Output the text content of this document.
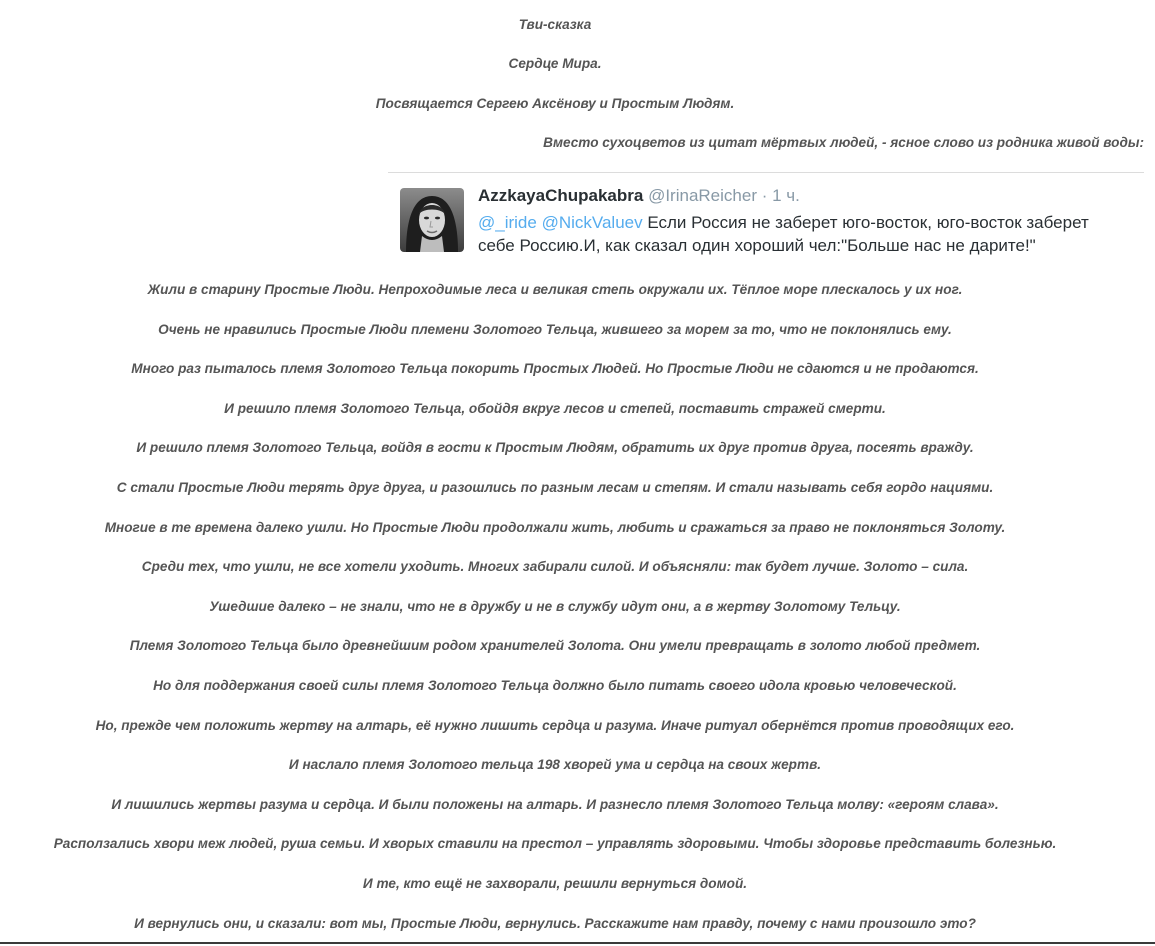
Тви-сказка
Сердце Мира.
Посвящается Сергею Аксёнову и Простым Людям.
Вместо сухоцветов из цитат мёртвых людей, - ясное слово из родника живой воды:
AzzkayaChupakabra @IrinaReicher · 1 ч.
@_iride @NickValuev Если Россия не заберет юго-восток, юго-восток заберет
себе Россию.И, как сказал один хороший чел:"Больше нас не дарите!"
Жили в старину Простые Люди. Непроходимые леса и великая степь окружали их. Тёплое море плескалось у их ног.
Очень не нравились Простые Люди племени Золотого Тельца, жившего за морем за то, что не поклонялись ему.
Много раз пыталось племя Золотого Тельца покорить Простых Людей. Но Простые Люди не сдаются и не продаются.
И решило племя Золотого Тельца, обойдя вкруг лесов и степей, поставить стражей смерти.
И решило племя Золотого Тельца, войдя в гости к Простым Людям, обратить их друг против друга, посеять вражду.
С стали Простые Люди терять друг друга, и разошлись по разным лесам и степям. И стали называть себя гордо нациями.
Многие в те времена далеко ушли. Но Простые Люди продолжали жить, любить и сражаться за право не поклоняться Золоту.
Среди тех, что ушли, не все хотели уходить. Многих забирали силой. И объясняли: так будет лучше. Золото – сила.
Ушедшие далеко – не знали, что не в дружбу и не в службу идут они, а в жертву Золотому Тельцу.
Племя Золотого Тельца было древнейшим родом хранителей Золота. Они умели превращать в золото любой предмет.
Но для поддержания своей силы племя Золотого Тельца должно было питать своего идола кровью человеческой.
Но, прежде чем положить жертву на алтарь, её нужно лишить сердца и разума. Иначе ритуал обернётся против проводящих его.
И наслало племя Золотого тельца 198 хворей ума и сердца на своих жертв.
И лишились жертвы разума и сердца. И были положены на алтарь. И разнесло племя Золотого Тельца молву: «героям слава».
Расползались хвори меж людей, руша семьи. И хворых ставили на престол – управлять здоровыми. Чтобы здоровье представить болезнью.
И те, кто ещё не захворали, решили вернуться домой.
И вернулись они, и сказали: вот мы, Простые Люди, вернулись. Расскажите нам правду, почему с нами произошло это?
